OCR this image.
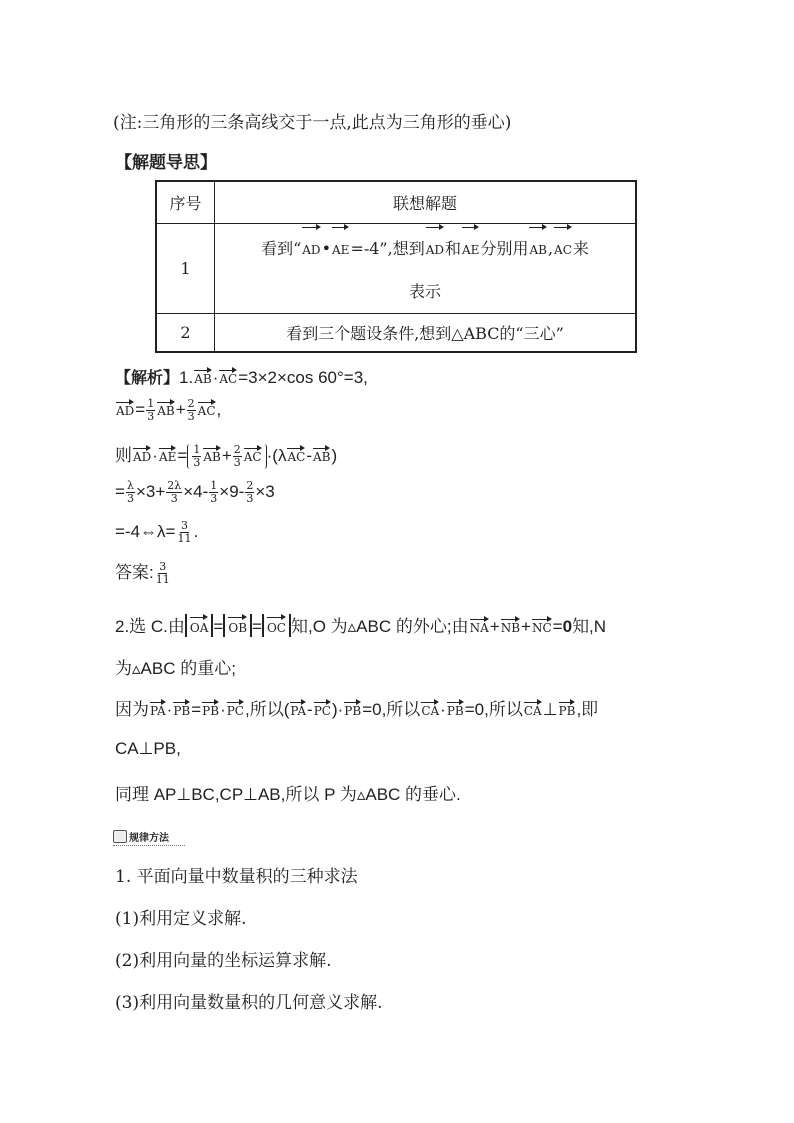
(注:三角形的三条高线交于一点,此点为三角形的垂心)
【解题导思】
序号	联想解题
1	看到“AD•AE=-4”,想到AD和AE分别用AB,AC来
表示

2	看到三个题设条件,想到△ABC的“三心”
【解析】1.AB·AC=3×2×cos 60°=3,
$AD= \frac{1}{3} AB+ \frac{2}{3}$ AC,
则$AD\cdot AE= \frac{1}{3} AB+ \frac{2}{3}$ AC ·(λAC-AB)
= $\frac{\lambda}{3} \times 3+ \frac{2\lambda}{3} \times 4- \frac{1}{3} \times 9- \frac{2}{3} \times 3$
=-4⇔λ= $\frac{3}{11}$ .
答案: $\frac{3}{11}$
2.选 C.由 OA = OB = OC 知,O 为▵ABC 的外心;由NA+NB+NC=0知,N
为▵ABC 的重心;
因为PA·PB=PB·PC,所以(PA-PC)·PB=0,所以CA·PB=0,所以CA⊥PB,即
CA⊥PB,
同理 AP⊥BC,CP⊥AB,所以 P 为▵ABC 的垂心.
规律方法
1. 平面向量中数量积的三种求法
(1)利用定义求解.
(2)利用向量的坐标运算求解.
(3)利用向量数量积的几何意义求解.
